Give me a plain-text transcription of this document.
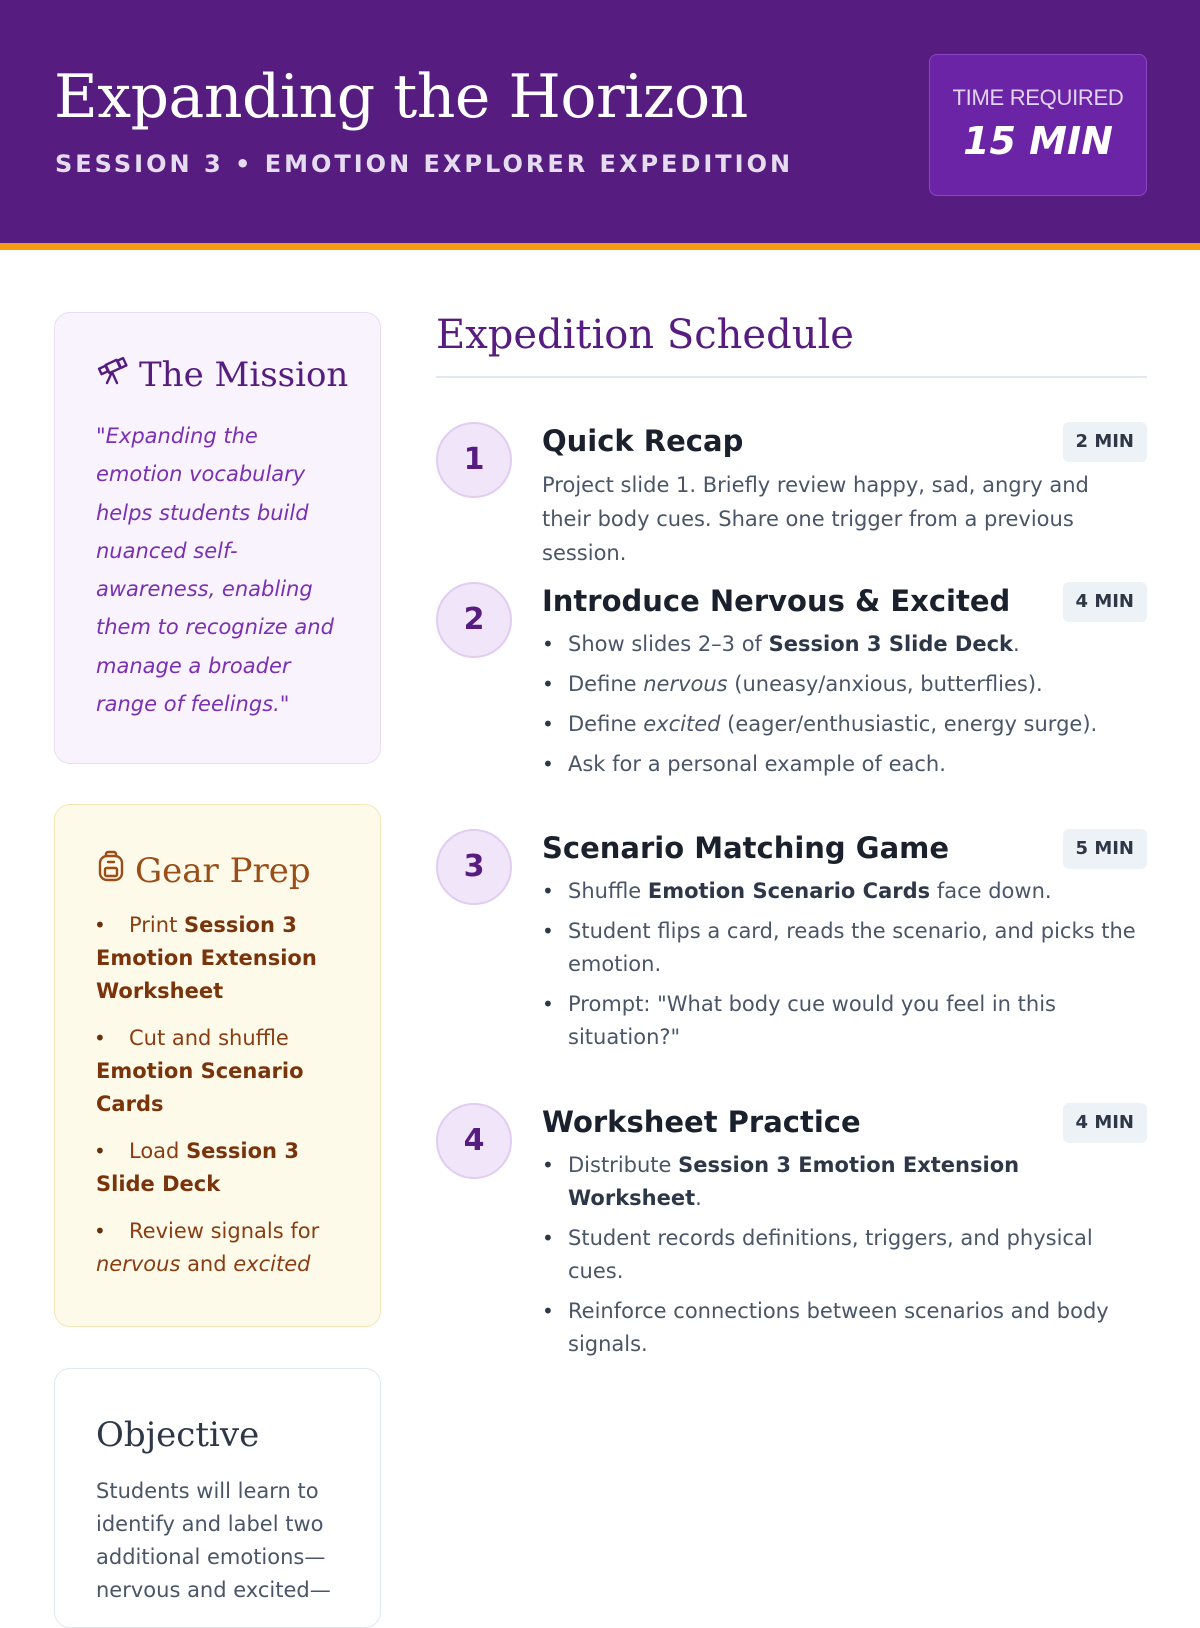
Expanding the Horizon
SESSION 3 • EMOTION EXPLORER EXPEDITION
TIME REQUIRED
15 MIN
The Mission

"Expanding the emotion vocabulary helps students build nuanced self-awareness, enabling them to recognize and manage a broader range of feelings."

Gear Prep
• Print Session 3 Emotion Extension Worksheet
• Cut and shuffle Emotion Scenario Cards
• Load Session 3 Slide Deck
• Review signals for nervous and excited
Objective

Students will learn to identify and label two additional emotions—nervous and excited—

Expedition Schedule
1
Quick Recap	2 MIN

Project slide 1. Briefly review happy, sad, angry and their body cues. Share one trigger from a previous session.

2
Introduce Nervous & Excited	4 MIN
• Show slides 2–3 of Session 3 Slide Deck.
• Define nervous (uneasy/anxious, butterflies).
• Define excited (eager/enthusiastic, energy surge).
• Ask for a personal example of each.
3
Scenario Matching Game	5 MIN
• Shuffle Emotion Scenario Cards face down.
• Student flips a card, reads the scenario, and picks the emotion.
• Prompt: "What body cue would you feel in this situation?"
4
Worksheet Practice	4 MIN
• Distribute Session 3 Emotion Extension Worksheet.
• Student records definitions, triggers, and physical cues.
• Reinforce connections between scenarios and body signals.
